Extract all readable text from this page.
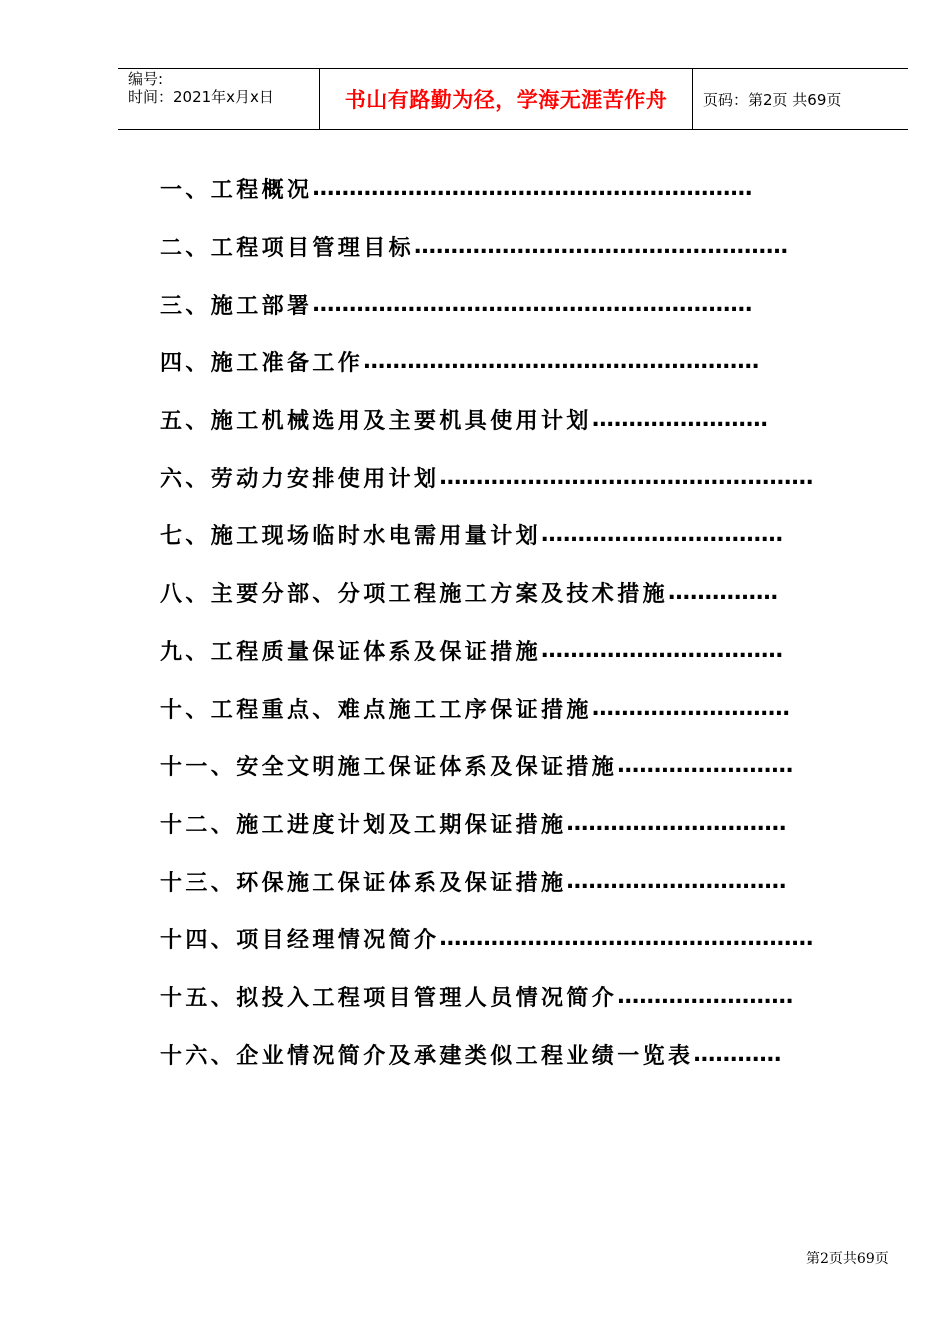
编号:
时间：2021年x月x日	书山有路勤为径，学海无涯苦作舟	页码：第2页 共69页
一、工程概况 ……………………………………………………
二、工程项目管理目标 ……………………………………………
三、施工部署 ……………………………………………………
四、施工准备工作 ………………………………………………
五、施工机械选用及主要机具使用计划 ……………………
六、劳动力安排使用计划 ……………………………………………
七、施工现场临时水电需用量计划 ……………………………
八、主要分部、分项工程施工方案及技术措施 ……………
九、工程质量保证体系及保证措施 ……………………………
十、工程重点、难点施工工序保证措施 ………………………
十一、安全文明施工保证体系及保证措施 ……………………
十二、施工进度计划及工期保证措施 …………………………
十三、环保施工保证体系及保证措施 …………………………
十四、项目经理情况简介 ……………………………………………
十五、拟投入工程项目管理人员情况简介 ……………………
十六、企业情况简介及承建类似工程业绩一览表 …………
第2页共69页
